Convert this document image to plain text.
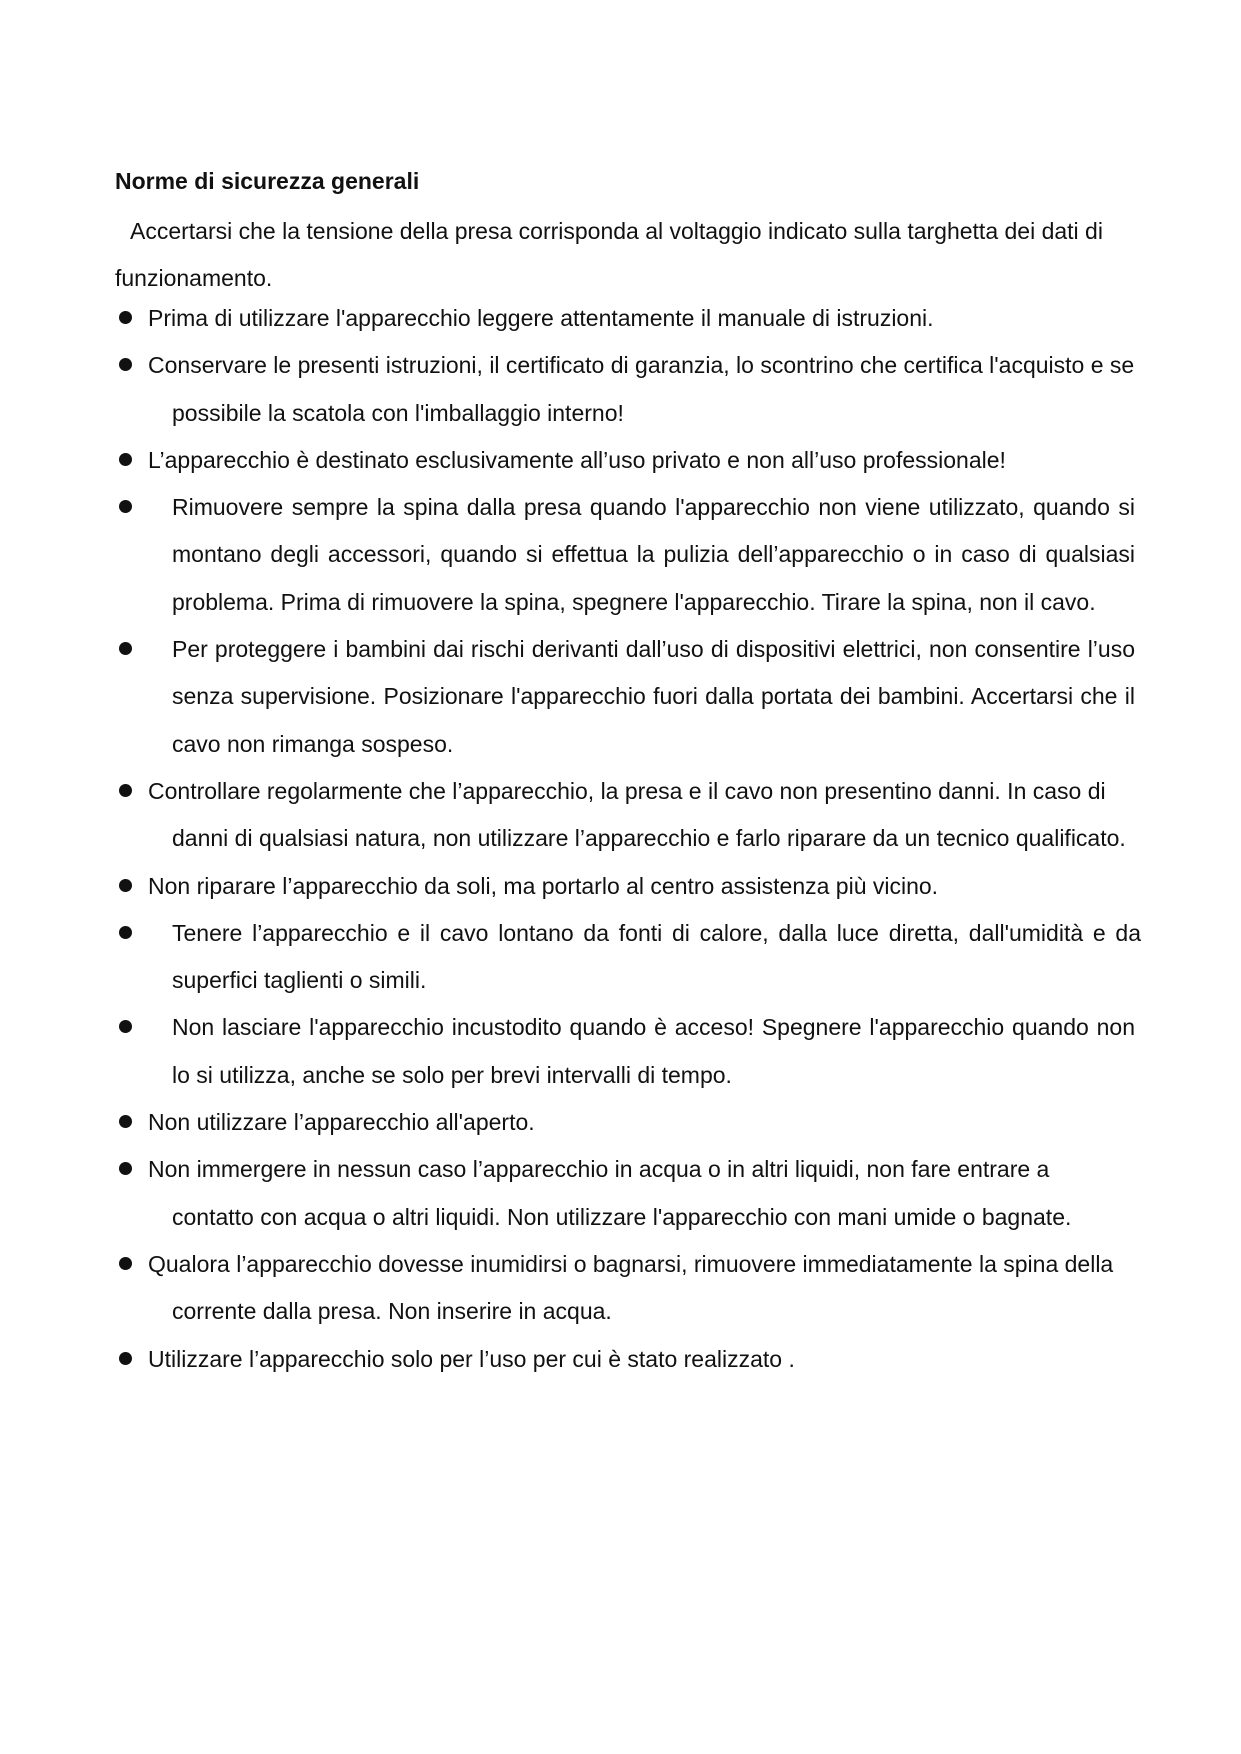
Norme di sicurezza generali

Accertarsi che la tensione della presa corrisponda al voltaggio indicato sulla targhetta dei dati di funzionamento.

Prima di utilizzare l'apparecchio leggere attentamente il manuale di istruzioni.
Conservare le presenti istruzioni, il certificato di garanzia, lo scontrino che certifica l'acquisto e se possibile la scatola con l'imballaggio interno!
L’apparecchio è destinato esclusivamente all’uso privato e non all’uso professionale!
Rimuovere sempre la spina dalla presa quando l'apparecchio non viene utilizzato, quando si montano degli accessori, quando si effettua la pulizia dell’apparecchio o in caso di qualsiasi problema. Prima di rimuovere la spina, spegnere l'apparecchio. Tirare la spina, non il cavo.
Per proteggere i bambini dai rischi derivanti dall’uso di dispositivi elettrici, non consentire l’uso senza supervisione. Posizionare l'apparecchio fuori dalla portata dei bambini. Accertarsi che il cavo non rimanga sospeso.
Controllare regolarmente che l’apparecchio, la presa e il cavo non presentino danni. In caso di danni di qualsiasi natura, non utilizzare l’apparecchio e farlo riparare da un tecnico qualificato.
Non riparare l’apparecchio da soli, ma portarlo al centro assistenza più vicino.
Tenere l’apparecchio e il cavo lontano da fonti di calore, dalla luce diretta, dall'umidità e da superfici taglienti o simili.
Non lasciare l'apparecchio incustodito quando è acceso! Spegnere l'apparecchio quando non lo si utilizza, anche se solo per brevi intervalli di tempo.
Non utilizzare l’apparecchio all'aperto.
Non immergere in nessun caso l’apparecchio in acqua o in altri liquidi, non fare entrare a contatto con acqua o altri liquidi. Non utilizzare l'apparecchio con mani umide o bagnate.
Qualora l’apparecchio dovesse inumidirsi o bagnarsi, rimuovere immediatamente la spina della corrente dalla presa. Non inserire in acqua.
Utilizzare l’apparecchio solo per l’uso per cui è stato realizzato .
